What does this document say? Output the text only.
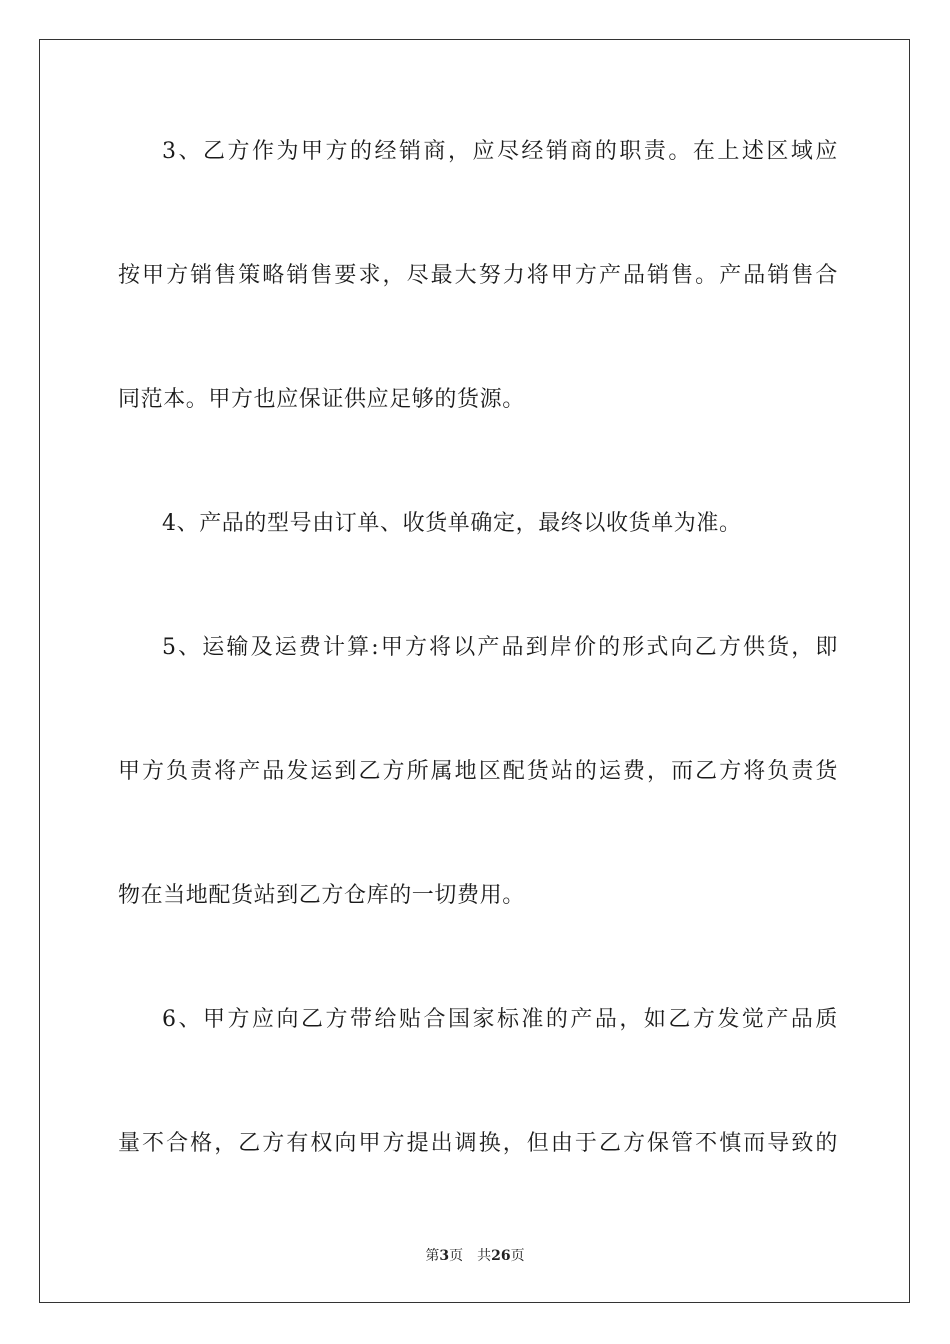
3、乙方作为甲方的经销商，应尽经销商的职责。在上述区域应
按甲方销售策略销售要求，尽最大努力将甲方产品销售。产品销售合
同范本。甲方也应保证供应足够的货源。
4、产品的型号由订单、收货单确定，最终以收货单为准。
5、运输及运费计算:甲方将以产品到岸价的形式向乙方供货，即
甲方负责将产品发运到乙方所属地区配货站的运费，而乙方将负责货
物在当地配货站到乙方仓库的一切费用。
6、甲方应向乙方带给贴合国家标准的产品，如乙方发觉产品质
量不合格，乙方有权向甲方提出调换，但由于乙方保管不慎而导致的
第3页 共26页
